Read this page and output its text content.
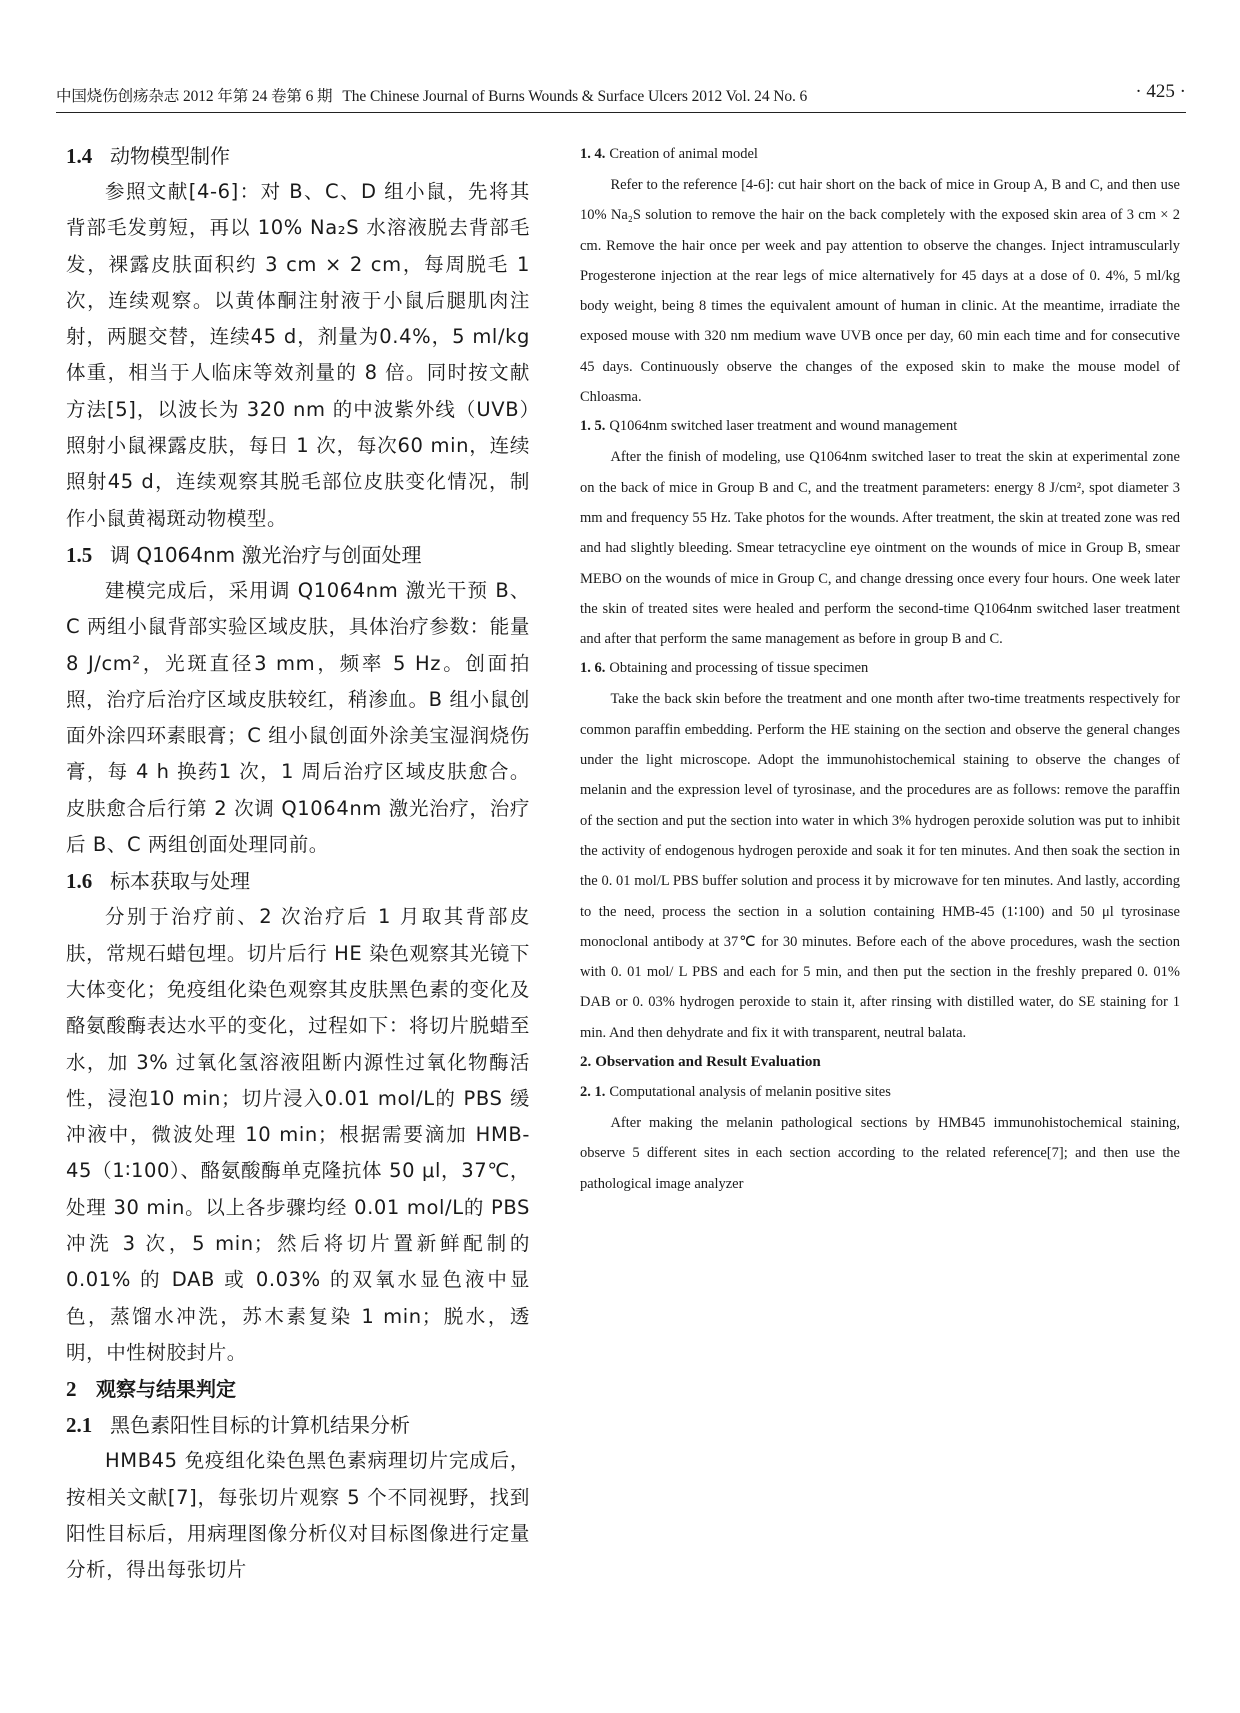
中国烧伤创疡杂志 2012 年第 24 卷第 6 期 The Chinese Journal of Burns Wounds & Surface Ulcers 2012 Vol. 24 No. 6	· 425 ·
1.4 动物模型制作

参照文献[4-6]：对 B、C、D 组小鼠，先将其背部毛发剪短，再以 10% Na₂S 水溶液脱去背部毛发，裸露皮肤面积约 3 cm × 2 cm，每周脱毛 1 次，连续观察。以黄体酮注射液于小鼠后腿肌肉注射，两腿交替，连续45 d，剂量为0.4%，5 ml/kg 体重，相当于人临床等效剂量的 8 倍。同时按文献方法[5]，以波长为 320 nm 的中波紫外线（UVB）照射小鼠裸露皮肤，每日 1 次，每次60 min，连续照射45 d，连续观察其脱毛部位皮肤变化情况，制作小鼠黄褐斑动物模型。

1.5 调 Q1064nm 激光治疗与创面处理

建模完成后，采用调 Q1064nm 激光干预 B、C 两组小鼠背部实验区域皮肤，具体治疗参数：能量 8 J/cm²，光斑直径3 mm，频率 5 Hz。创面拍照，治疗后治疗区域皮肤较红，稍渗血。B 组小鼠创面外涂四环素眼膏；C 组小鼠创面外涂美宝湿润烧伤膏，每 4 h 换药1 次，1 周后治疗区域皮肤愈合。皮肤愈合后行第 2 次调 Q1064nm 激光治疗，治疗后 B、C 两组创面处理同前。

1.6 标本获取与处理

分别于治疗前、2 次治疗后 1 月取其背部皮肤，常规石蜡包埋。切片后行 HE 染色观察其光镜下大体变化；免疫组化染色观察其皮肤黑色素的变化及酪氨酸酶表达水平的变化，过程如下：将切片脱蜡至水，加 3% 过氧化氢溶液阻断内源性过氧化物酶活性，浸泡10 min；切片浸入0.01 mol/L的 PBS 缓冲液中，微波处理 10 min；根据需要滴加 HMB-45（1∶100）、酪氨酸酶单克隆抗体 50 μl，37℃，处理 30 min。以上各步骤均经 0.01 mol/L的 PBS 冲洗 3 次，5 min；然后将切片置新鲜配制的 0.01% 的 DAB 或 0.03% 的双氧水显色液中显色，蒸馏水冲洗，苏木素复染 1 min；脱水，透明，中性树胶封片。

2 观察与结果判定
2.1 黑色素阳性目标的计算机结果分析

HMB45 免疫组化染色黑色素病理切片完成后，按相关文献[7]，每张切片观察 5 个不同视野，找到阳性目标后，用病理图像分析仪对目标图像进行定量分析，得出每张切片

1. 4. Creation of animal model

Refer to the reference [4-6]: cut hair short on the back of mice in Group A, B and C, and then use 10% Na₂S solution to remove the hair on the back completely with the exposed skin area of 3 cm × 2 cm. Remove the hair once per week and pay attention to observe the changes. Inject intramuscularly Progesterone injection at the rear legs of mice alternatively for 45 days at a dose of 0. 4%, 5 ml/kg body weight, being 8 times the equivalent amount of human in clinic. At the meantime, irradiate the exposed mouse with 320 nm medium wave UVB once per day, 60 min each time and for consecutive 45 days. Continuously observe the changes of the exposed skin to make the mouse model of Chloasma.

1. 5. Q1064nm switched laser treatment and wound management

After the finish of modeling, use Q1064nm switched laser to treat the skin at experimental zone on the back of mice in Group B and C, and the treatment parameters: energy 8 J/cm², spot diameter 3 mm and frequency 55 Hz. Take photos for the wounds. After treatment, the skin at treated zone was red and had slightly bleeding. Smear tetracycline eye ointment on the wounds of mice in Group B, smear MEBO on the wounds of mice in Group C, and change dressing once every four hours. One week later the skin of treated sites were healed and perform the second-time Q1064nm switched laser treatment and after that perform the same management as before in group B and C.

1. 6. Obtaining and processing of tissue specimen

Take the back skin before the treatment and one month after two-time treatments respectively for common paraffin embedding. Perform the HE staining on the section and observe the general changes under the light microscope. Adopt the immunohistochemical staining to observe the changes of melanin and the expression level of tyrosinase, and the procedures are as follows: remove the paraffin of the section and put the section into water in which 3% hydrogen peroxide solution was put to inhibit the activity of endogenous hydrogen peroxide and soak it for ten minutes. And then soak the section in the 0. 01 mol/L PBS buffer solution and process it by microwave for ten minutes. And lastly, according to the need, process the section in a solution containing HMB-45 (1∶100) and 50 μl tyrosinase monoclonal antibody at 37℃ for 30 minutes. Before each of the above procedures, wash the section with 0. 01 mol/ L PBS and each for 5 min, and then put the section in the freshly prepared 0. 01% DAB or 0. 03% hydrogen peroxide to stain it, after rinsing with distilled water, do SE staining for 1 min. And then dehydrate and fix it with transparent, neutral balata.

2. Observation and Result Evaluation
2. 1. Computational analysis of melanin positive sites

After making the melanin pathological sections by HMB45 immunohistochemical staining, observe 5 different sites in each section according to the related reference[7]; and then use the pathological image analyzer
